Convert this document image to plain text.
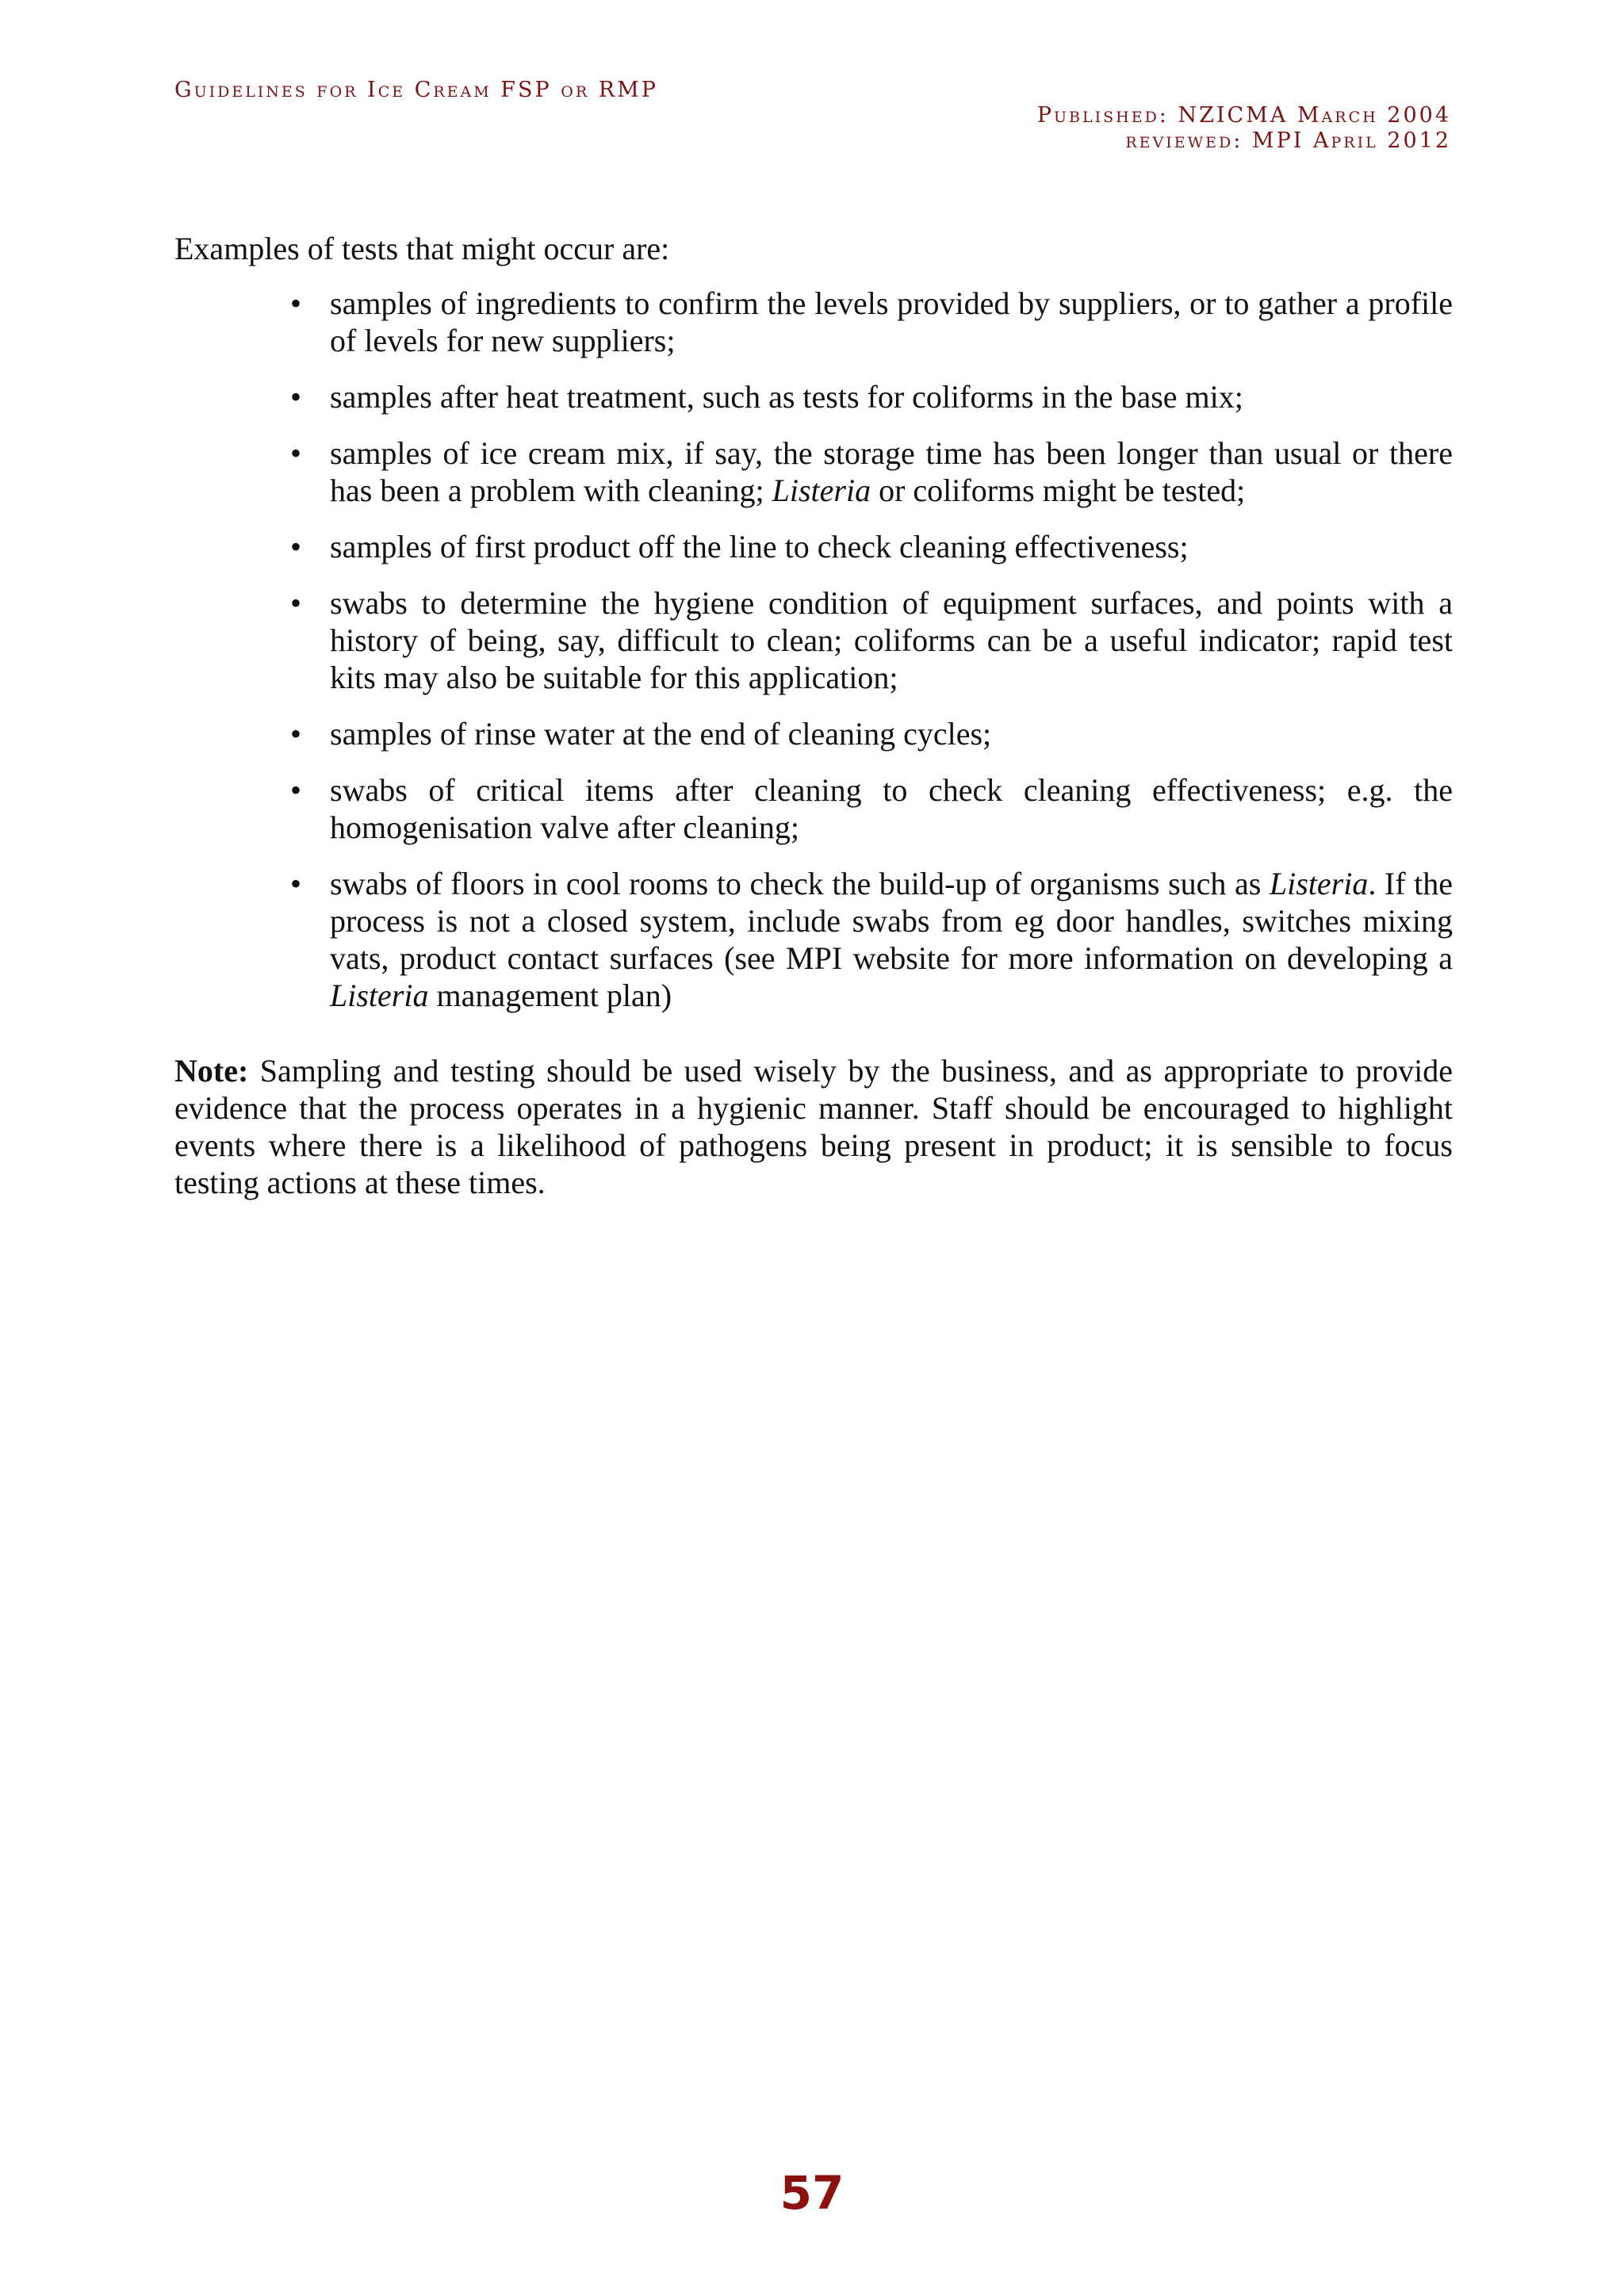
Guidelines for Ice Cream FSP or RMP
Published: NZICMA March 2004
reviewed: MPI April 2012

Examples of tests that might occur are:

• samples of ingredients to confirm the levels provided by suppliers, or to gather a profile of levels for new suppliers;
• samples after heat treatment, such as tests for coliforms in the base mix;
• samples of ice cream mix, if say, the storage time has been longer than usual or there has been a problem with cleaning; Listeria or coliforms might be tested;
• samples of first product off the line to check cleaning effectiveness;
• swabs to determine the hygiene condition of equipment surfaces, and points with a history of being, say, difficult to clean; coliforms can be a useful indicator; rapid test kits may also be suitable for this application;
• samples of rinse water at the end of cleaning cycles;
• swabs of critical items after cleaning to check cleaning effectiveness; e.g. the homogenisation valve after cleaning;
• swabs of floors in cool rooms to check the build-up of organisms such as Listeria. If the process is not a closed system, include swabs from eg door handles, switches mixing vats, product contact surfaces (see MPI website for more information on developing a Listeria management plan)

Note: Sampling and testing should be used wisely by the business, and as appropriate to provide evidence that the process operates in a hygienic manner. Staff should be encouraged to highlight events where there is a likelihood of pathogens being present in product; it is sensible to focus testing actions at these times.

57
